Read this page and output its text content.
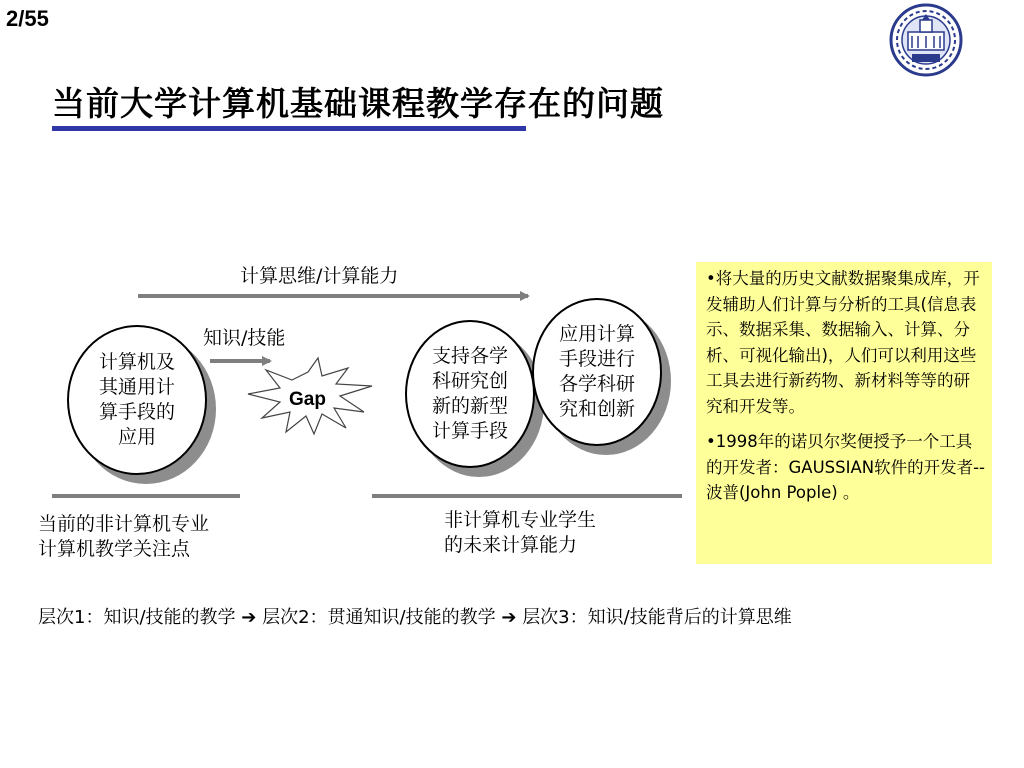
2/55
当前大学计算机基础课程教学存在的问题
计算思维/计算能力
知识/技能
Gap
计算机及
其通用计
算手段的
应用
支持各学
科研究创
新的新型
计算手段
应用计算
手段进行
各学科研
究和创新
当前的非计算机专业
计算机教学关注点
非计算机专业学生
的未来计算能力

•将大量的历史文献数据聚集成库，开发辅助人们计算与分析的工具(信息表示、数据采集、数据输入、计算、分析、可视化输出)，人们可以利用这些工具去进行新药物、新材料等等的研究和开发等。

•1998年的诺贝尔奖便授予一个工具的开发者：GAUSSIAN软件的开发者--波普(John Pople) 。

层次1：知识/技能的教学 ➔ 层次2：贯通知识/技能的教学 ➔ 层次3：知识/技能背后的计算思维
